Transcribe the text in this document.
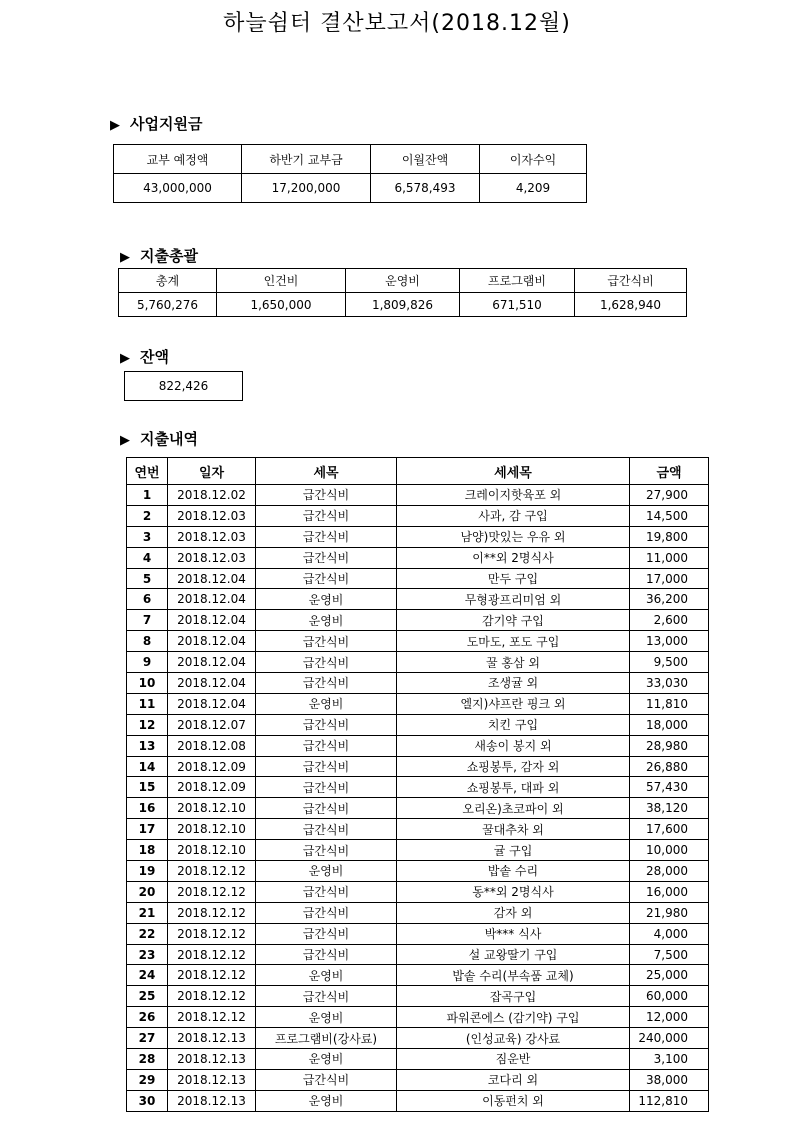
하늘쉼터 결산보고서(2018.12월)
▶ 사업지원금
교부 예정액	하반기 교부금	이월잔액	이자수익
43,000,000	17,200,000	6,578,493	4,209
▶ 지출총괄
총계	인건비	운영비	프로그램비	급간식비
5,760,276	1,650,000	1,809,826	671,510	1,628,940
▶ 잔액
822,426
▶ 지출내역
연번	일자	세목	세세목	금액
1	2018.12.02	급간식비	크레이지핫육포 외	27,900
2	2018.12.03	급간식비	사과, 감 구입	14,500
3	2018.12.03	급간식비	남양)맛있는 우유 외	19,800
4	2018.12.03	급간식비	이**외 2명식사	11,000
5	2018.12.04	급간식비	만두 구입	17,000
6	2018.12.04	운영비	무형광프리미엄 외	36,200
7	2018.12.04	운영비	감기약 구입	2,600
8	2018.12.04	급간식비	도마도, 포도 구입	13,000
9	2018.12.04	급간식비	꿀 홍삼 외	9,500
10	2018.12.04	급간식비	조생귤 외	33,030
11	2018.12.04	운영비	엘지)샤프란 핑크 외	11,810
12	2018.12.07	급간식비	치킨 구입	18,000
13	2018.12.08	급간식비	새송이 봉지 외	28,980
14	2018.12.09	급간식비	쇼핑봉투, 감자 외	26,880
15	2018.12.09	급간식비	쇼핑봉투, 대파 외	57,430
16	2018.12.10	급간식비	오리온)초코파이 외	38,120
17	2018.12.10	급간식비	꿀대추차 외	17,600
18	2018.12.10	급간식비	귤 구입	10,000
19	2018.12.12	운영비	밥솥 수리	28,000
20	2018.12.12	급간식비	동**외 2명식사	16,000
21	2018.12.12	급간식비	감자 외	21,980
22	2018.12.12	급간식비	박*** 식사	4,000
23	2018.12.12	급간식비	설 교왕딸기 구입	7,500
24	2018.12.12	운영비	밥솥 수리(부속품 교체)	25,000
25	2018.12.12	급간식비	잡곡구입	60,000
26	2018.12.12	운영비	파워콘에스 (감기약) 구입	12,000
27	2018.12.13	프로그램비(강사료)	(인성교육) 강사료	240,000
28	2018.12.13	운영비	짐운반	3,100
29	2018.12.13	급간식비	코다리 외	38,000
30	2018.12.13	운영비	이동펀치 외	112,810
